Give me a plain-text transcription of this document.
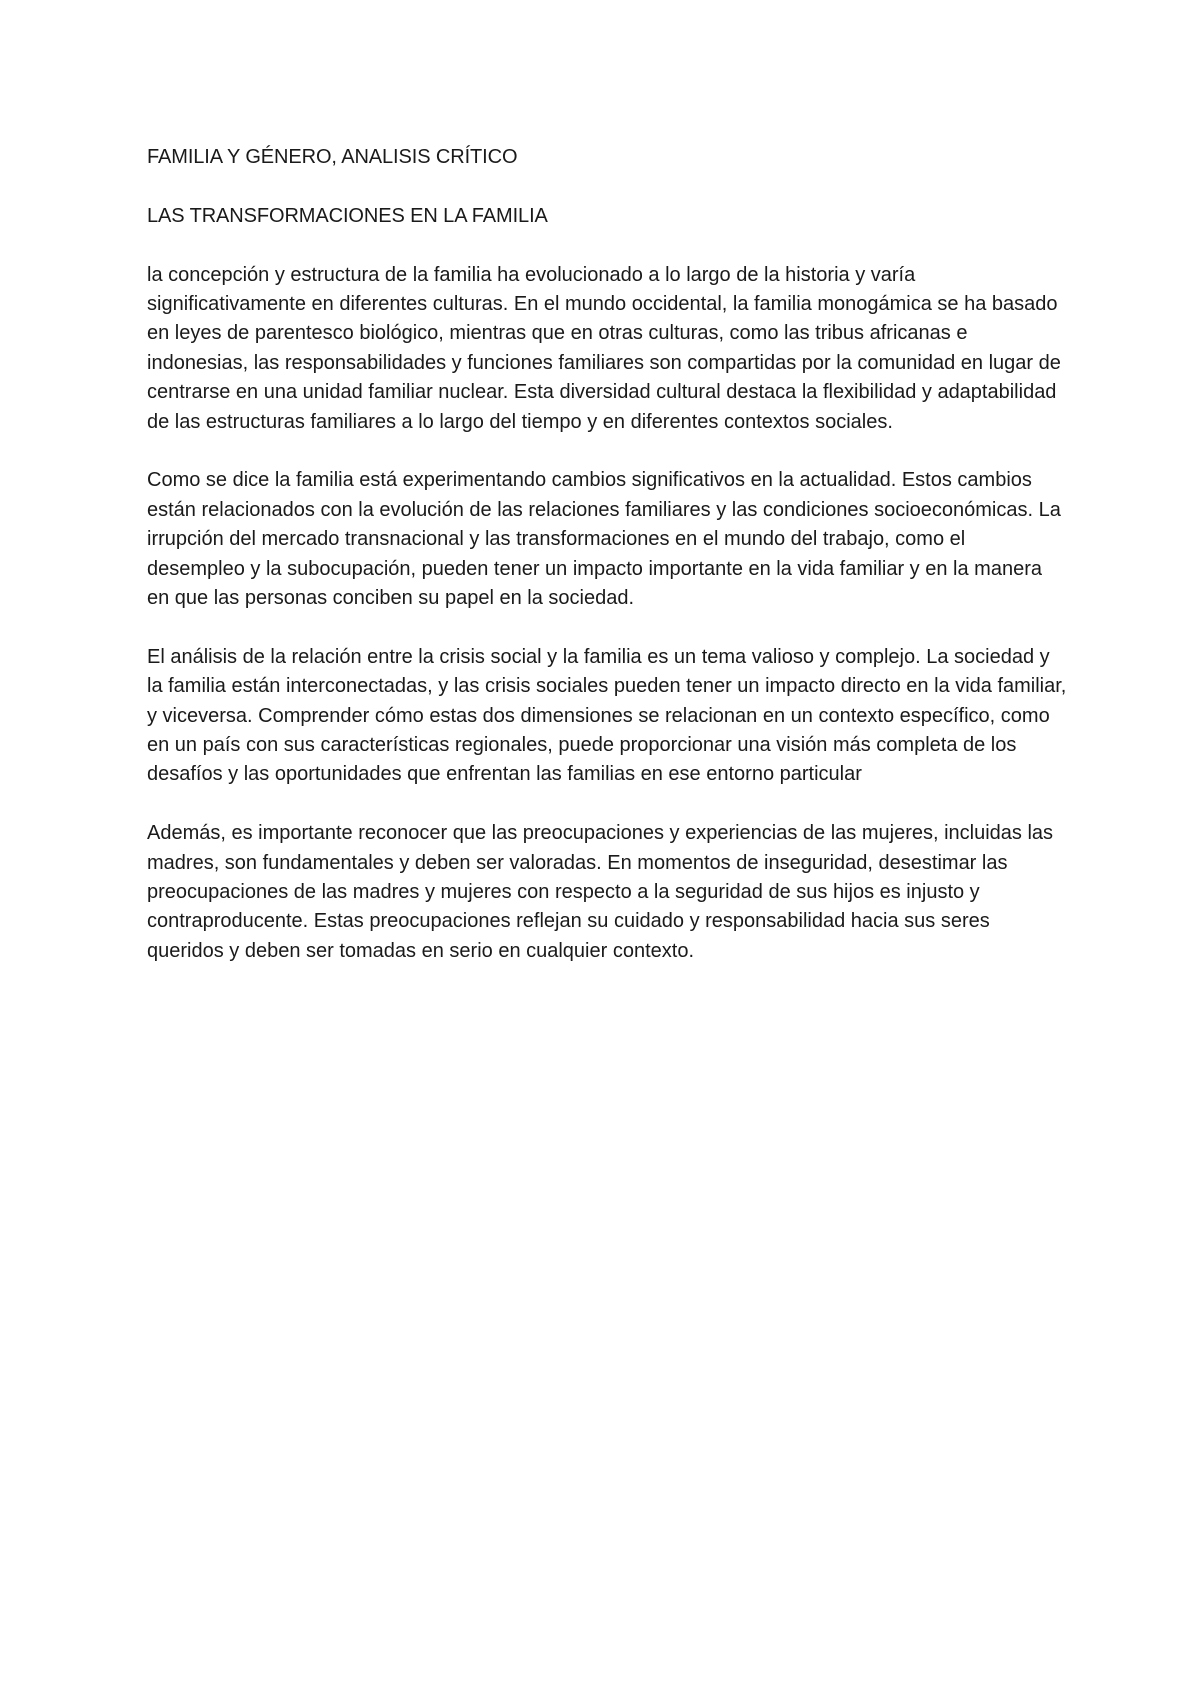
FAMILIA Y GÉNERO, ANALISIS CRÍTICO

LAS TRANSFORMACIONES EN LA FAMILIA

la concepción y estructura de la familia ha evolucionado a lo largo de la historia y varía significativamente en diferentes culturas. En el mundo occidental, la familia monogámica se ha basado en leyes de parentesco biológico, mientras que en otras culturas, como las tribus africanas e indonesias, las responsabilidades y funciones familiares son compartidas por la comunidad en lugar de centrarse en una unidad familiar nuclear. Esta diversidad cultural destaca la flexibilidad y adaptabilidad de las estructuras familiares a lo largo del tiempo y en diferentes contextos sociales.

Como se dice la familia está experimentando cambios significativos en la actualidad. Estos cambios están relacionados con la evolución de las relaciones familiares y las condiciones socioeconómicas. La irrupción del mercado transnacional y las transformaciones en el mundo del trabajo, como el desempleo y la subocupación, pueden tener un impacto importante en la vida familiar y en la manera en que las personas conciben su papel en la sociedad.

El análisis de la relación entre la crisis social y la familia es un tema valioso y complejo. La sociedad y la familia están interconectadas, y las crisis sociales pueden tener un impacto directo en la vida familiar, y viceversa. Comprender cómo estas dos dimensiones se relacionan en un contexto específico, como en un país con sus características regionales, puede proporcionar una visión más completa de los desafíos y las oportunidades que enfrentan las familias en ese entorno particular

Además, es importante reconocer que las preocupaciones y experiencias de las mujeres, incluidas las madres, son fundamentales y deben ser valoradas. En momentos de inseguridad, desestimar las preocupaciones de las madres y mujeres con respecto a la seguridad de sus hijos es injusto y contraproducente. Estas preocupaciones reflejan su cuidado y responsabilidad hacia sus seres queridos y deben ser tomadas en serio en cualquier contexto.
